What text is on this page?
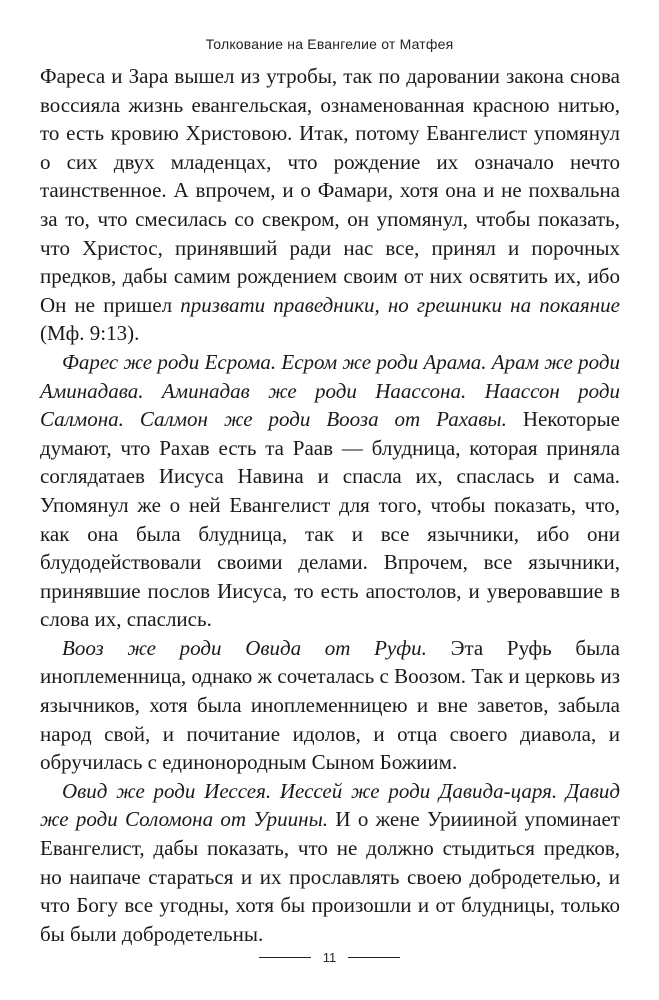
Толкование на Евангелие от Матфея

Фареса и Зара вышел из утробы, так по даровании закона снова воссияла жизнь евангельская, ознаменованная красною нитью, то есть кровию Христовою. Итак, потому Евангелист упомянул о сих двух младенцах, что рождение их означало нечто таинственное. А впрочем, и о Фамари, хотя она и не похвальна за то, что смесилась со свекром, он упомянул, чтобы показать, что Христос, принявший ради нас все, принял и порочных предков, дабы самим рождением своим от них освятить их, ибо Он не пришел призвати праведники, но грешники на покаяние (Мф. 9:13).

Фарес же роди Есрома. Есром же роди Арама. Арам же роди Аминадава. Аминадав же роди Наассона. Наассон роди Салмона. Салмон же роди Вооза от Рахавы. Некоторые думают, что Рахав есть та Раав — блудница, которая приняла соглядатаев Иисуса Навина и спасла их, спаслась и сама. Упомянул же о ней Евангелист для того, чтобы показать, что, как она была блудница, так и все язычники, ибо они блудодействовали своими делами. Впрочем, все язычники, принявшие послов Иисуса, то есть апостолов, и уверовавшие в слова их, спаслись.

Вооз же роди Овида от Руфи. Эта Руфь была иноплеменница, однако ж сочеталась с Воозом. Так и церковь из язычников, хотя была иноплеменницею и вне заветов, забыла народ свой, и почитание идолов, и отца своего диавола, и обручилась с единонородным Сыном Божиим.

Овид же роди Иессея. Иессей же роди Давида-царя. Давид же роди Соломона от Уриины. И о жене Уриииной упоминает Евангелист, дабы показать, что не должно стыдиться предков, но наипаче стараться и их прославлять своею добродетелью, и что Богу все угодны, хотя бы произошли и от блудницы, только бы были добродетельны.

11
